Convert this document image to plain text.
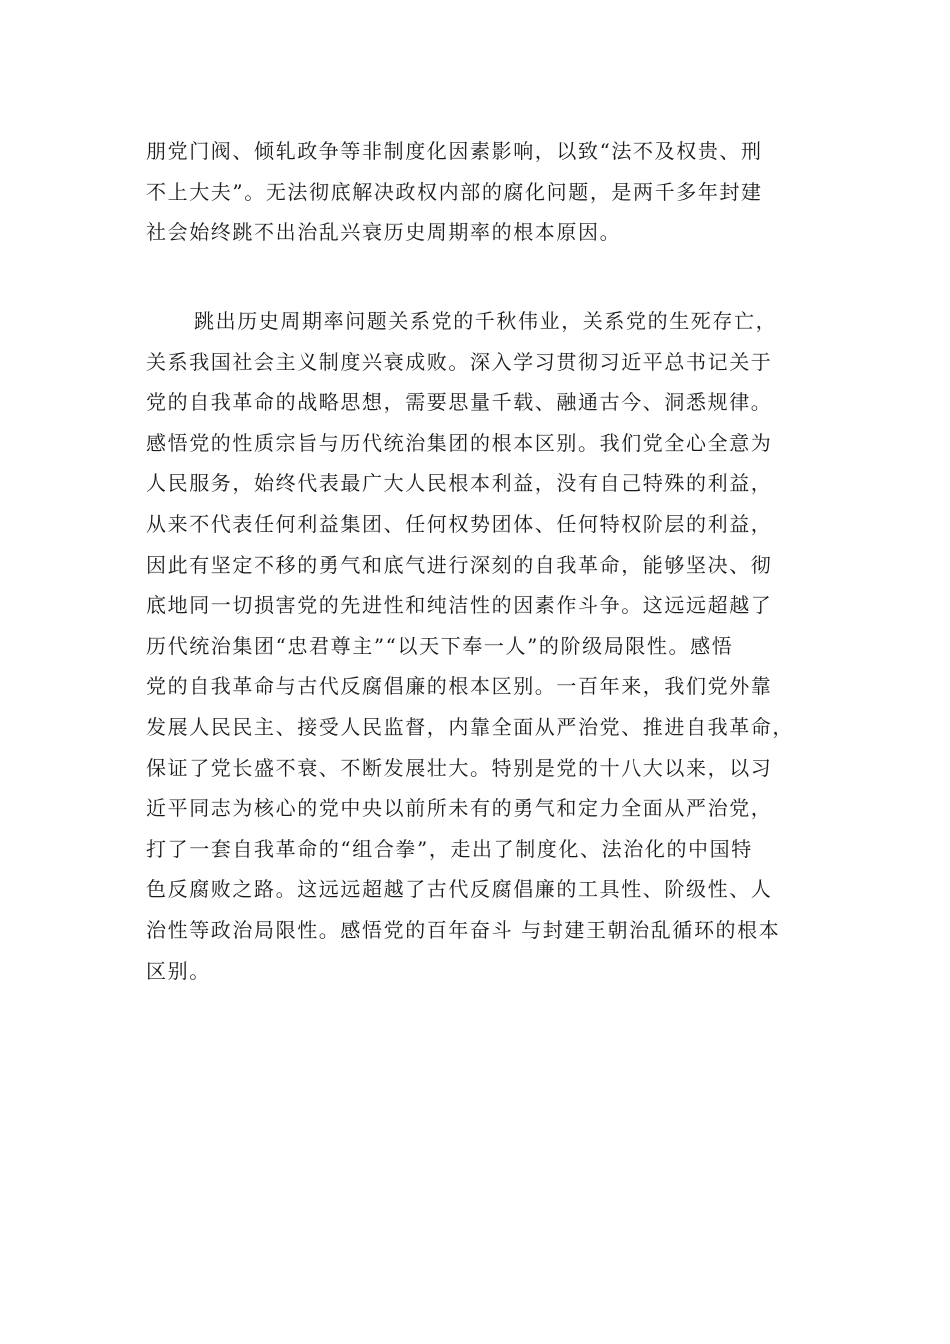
朋党门阀、倾轧政争等非制度化因素影响，以致“法不及权贵、刑
不上大夫”。无法彻底解决政权内部的腐化问题，是两千多年封建
社会始终跳不出治乱兴衰历史周期率的根本原因。
跳出历史周期率问题关系党的千秋伟业，关系党的生死存亡，
关系我国社会主义制度兴衰成败。深入学习贯彻习近平总书记关于
党的自我革命的战略思想，需要思量千载、融通古今、洞悉规律。
感悟党的性质宗旨与历代统治集团的根本区别。我们党全心全意为
人民服务，始终代表最广大人民根本利益，没有自己特殊的利益，
从来不代表任何利益集团、任何权势团体、任何特权阶层的利益，
因此有坚定不移的勇气和底气进行深刻的自我革命，能够坚决、彻
底地同一切损害党的先进性和纯洁性的因素作斗争。这远远超越了
历代统治集团“忠君尊主”“以天下奉一人”的阶级局限性。感悟
党的自我革命与古代反腐倡廉的根本区别。一百年来，我们党外靠
发展人民民主、接受人民监督，内靠全面从严治党、推进自我革命，
保证了党长盛不衰、不断发展壮大。特别是党的十八大以来，以习
近平同志为核心的党中央以前所未有的勇气和定力全面从严治党，
打了一套自我革命的“组合拳”，走出了制度化、法治化的中国特
色反腐败之路。这远远超越了古代反腐倡廉的工具性、阶级性、人
治性等政治局限性。感悟党的百年奋斗 与封建王朝治乱循环的根本
区别。
